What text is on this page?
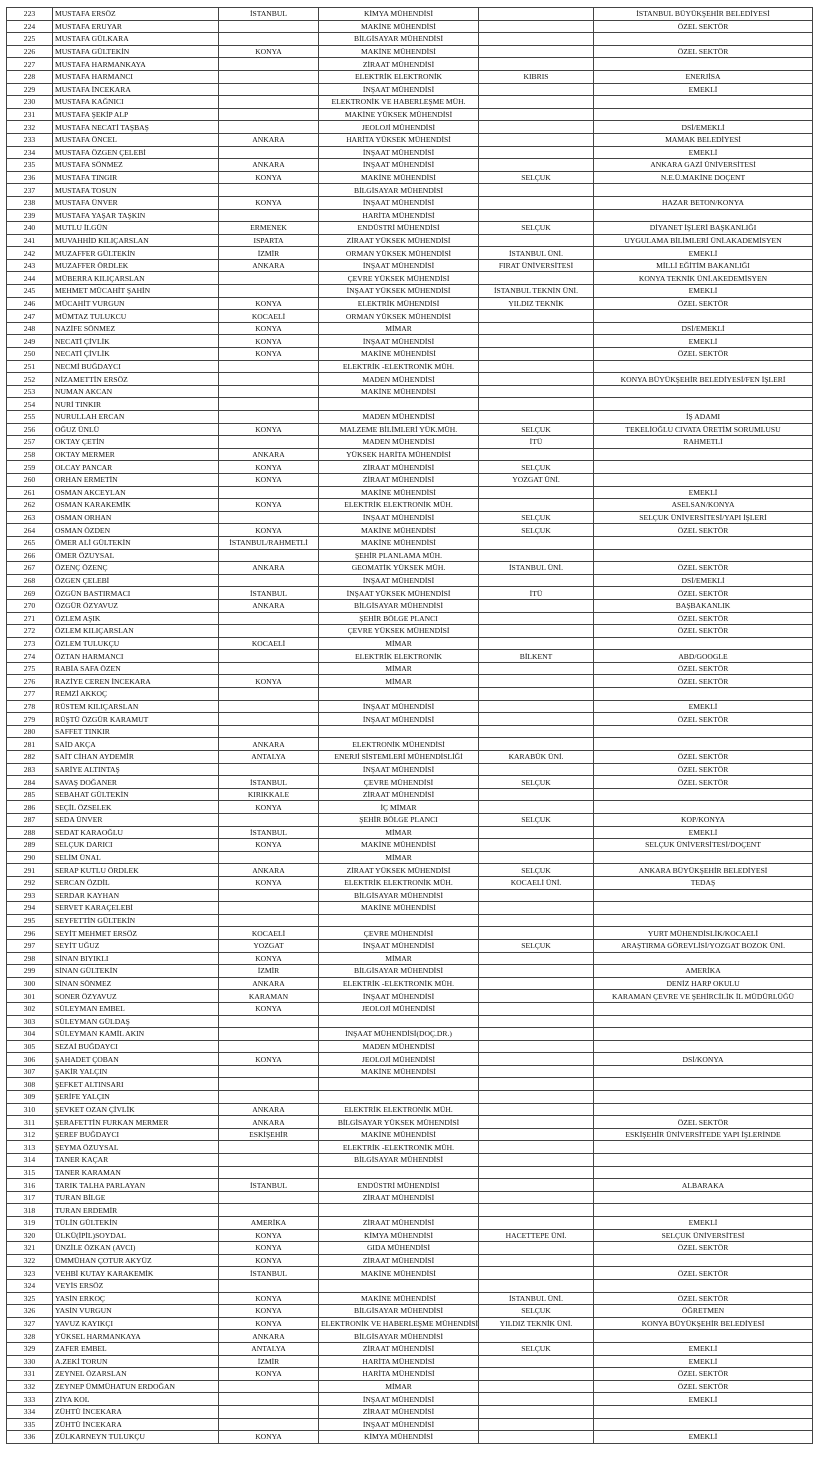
223	MUSTAFA ERSÖZ	İSTANBUL	KİMYA MÜHENDİSİ		İSTANBUL BÜYÜKŞEHİR BELEDİYESİ
224	MUSTAFA ERUYAR		MAKİNE MÜHENDİSİ		ÖZEL SEKTÖR
225	MUSTAFA GÜLKARA		BİLGİSAYAR MÜHENDİSİ		
226	MUSTAFA GÜLTEKİN	KONYA	MAKİNE MÜHENDİSİ		ÖZEL SEKTÖR
227	MUSTAFA HARMANKAYA		ZİRAAT MÜHENDİSİ		
228	MUSTAFA HARMANCI		ELEKTRİK ELEKTRONİK	KIBRIS	ENERJİSA
229	MUSTAFA İNCEKARA		İNŞAAT MÜHENDİSİ		EMEKLİ
230	MUSTAFA KAĞNICI		ELEKTRONİK VE HABERLEŞME MÜH.		
231	MUSTAFA ŞEKİP ALP		MAKİNE YÜKSEK MÜHENDİSİ		
232	MUSTAFA NECATİ TAŞBAŞ		JEOLOJİ MÜHENDİSİ		DSİ/EMEKLİ
233	MUSTAFA ÖNCEL	ANKARA	HARİTA YÜKSEK MÜHENDİSİ		MAMAK BELEDİYESİ
234	MUSTAFA ÖZGEN ÇELEBİ		İNŞAAT MÜHENDİSİ		EMEKLİ
235	MUSTAFA SÖNMEZ	ANKARA	İNŞAAT MÜHENDİSİ		ANKARA GAZİ ÜNİVERSİTESİ
236	MUSTAFA TINGIR	KONYA	MAKİNE MÜHENDİSİ	SELÇUK	N.E.Ü.MAKİNE DOÇENT
237	MUSTAFA TOSUN		BİLGİSAYAR MÜHENDİSİ		
238	MUSTAFA ÜNVER	KONYA	İNŞAAT MÜHENDİSİ		HAZAR BETON/KONYA
239	MUSTAFA YAŞAR TAŞKIN		HARİTA MÜHENDİSİ		
240	MUTLU İLGÜN	ERMENEK	ENDÜSTRİ MÜHENDİSİ	SELÇUK	DİYANET İŞLERİ BAŞKANLIĞI
241	MUVAHHİD KILIÇARSLAN	ISPARTA	ZİRAAT YÜKSEK MÜHENDİSİ		UYGULAMA BİLİMLERİ ÜNİ.AKADEMİSYEN
242	MUZAFFER GÜLTEKİN	İZMİR	ORMAN YÜKSEK MÜHENDİSİ	İSTANBUL ÜNİ.	EMEKLİ
243	MUZAFFER ÖRDLEK	ANKARA	İNŞAAT MÜHENDİSİ	FIRAT ÜNİVERSİTESİ	MİLLİ EĞİTİM BAKANLIĞI
244	MÜBERRA KILIÇARSLAN		ÇEVRE YÜKSEK MÜHENDİSİ		KONYA TEKNİK ÜNİ.AKEDEMİSYEN
245	MEHMET MÜCAHİT ŞAHİN		İNŞAAT YÜKSEK MÜHENDİSİ	İSTANBUL TEKNİN ÜNİ.	EMEKLİ
246	MÜCAHİT VURGUN	KONYA	ELEKTRİK MÜHENDİSİ	YILDIZ TEKNİK	ÖZEL SEKTÖR
247	MÜMTAZ TULUKCU	KOCAELİ	ORMAN YÜKSEK MÜHENDİSİ		
248	NAZİFE SÖNMEZ	KONYA	MİMAR		DSİ/EMEKLİ
249	NECATİ ÇİVLİK	KONYA	İNŞAAT MÜHENDİSİ		EMEKLİ
250	NECATİ ÇİVLİK	KONYA	MAKİNE MÜHENDİSİ		ÖZEL SEKTÖR
251	NECMİ BUĞDAYCI		ELEKTRİK -ELEKTRONİK MÜH.		
252	NİZAMETTİN ERSÖZ		MADEN MÜHENDİSİ		KONYA BÜYÜKŞEHİR BELEDİYESİ/FEN İŞLERİ
253	NUMAN AKCAN		MAKİNE MÜHENDİSİ		
254	NURİ TINKIR				
255	NURULLAH ERCAN		MADEN MÜHENDİSİ		İŞ ADAMI
256	OĞUZ ÜNLÜ	KONYA	MALZEME BİLİMLERİ YÜK.MÜH.	SELÇUK	TEKELİOĞLU CIVATA ÜRETİM SORUMLUSU
257	OKTAY ÇETİN		MADEN MÜHENDİSİ	İTÜ	RAHMETLİ
258	OKTAY MERMER	ANKARA	YÜKSEK HARİTA MÜHENDİSİ		
259	OLCAY PANCAR	KONYA	ZİRAAT MÜHENDİSİ	SELÇUK	
260	ORHAN ERMETİN	KONYA	ZİRAAT MÜHENDİSİ	YOZGAT ÜNİ.	
261	OSMAN AKCEYLAN		MAKİNE MÜHENDİSİ		EMEKLİ
262	OSMAN KARAKEMİK	KONYA	ELEKTRİK ELEKTRONİK MÜH.		ASELSAN/KONYA
263	OSMAN ORHAN		İNŞAAT MÜHENDİSİ	SELÇUK	SELÇUK ÜNİVERSİTESİ/YAPI İŞLERİ
264	OSMAN ÖZDEN	KONYA	MAKİNE MÜHENDİSİ	SELÇUK	ÖZEL SEKTÖR
265	ÖMER ALİ GÜLTEKİN	İSTANBUL/RAHMETLİ	MAKİNE MÜHENDİSİ		
266	ÖMER ÖZUYSAL		ŞEHİR PLANLAMA MÜH.		
267	ÖZENÇ ÖZENÇ	ANKARA	GEOMATİK YÜKSEK MÜH.	İSTANBUL ÜNİ.	ÖZEL SEKTÖR
268	ÖZGEN ÇELEBİ		İNŞAAT MÜHENDİSİ		DSİ/EMEKLİ
269	ÖZGÜN BASTIRMACI	İSTANBUL	İNŞAAT YÜKSEK MÜHENDİSİ	İTÜ	ÖZEL SEKTÖR
270	ÖZGÜR ÖZYAVUZ	ANKARA	BİLGİSAYAR MÜHENDİSİ		BAŞBAKANLIK
271	ÖZLEM AŞIK		ŞEHİR BÖLGE PLANCI		ÖZEL SEKTÖR
272	ÖZLEM KILIÇARSLAN		ÇEVRE YÜKSEK MÜHENDİSİ		ÖZEL SEKTÖR
273	ÖZLEM TULUKÇU	KOCAELİ	MİMAR		
274	ÖZTAN HARMANCI		ELEKTRİK ELEKTRONİK	BİLKENT	ABD/GOOGLE
275	RABİA SAFA ÖZEN		MİMAR		ÖZEL SEKTÖR
276	RAZİYE CEREN İNCEKARA	KONYA	MİMAR		ÖZEL SEKTÖR
277	REMZİ AKKOÇ				
278	RÜSTEM KILIÇARSLAN		İNŞAAT MÜHENDİSİ		EMEKLİ
279	RÜŞTÜ ÖZGÜR KARAMUT		İNŞAAT MÜHENDİSİ		ÖZEL SEKTÖR
280	SAFFET TINKIR				
281	SAİD AKÇA	ANKARA	ELEKTRONİK MÜHENDİSİ		
282	SAİT CİHAN AYDEMİR	ANTALYA	ENERJİ SİSTEMLERİ MÜHENDİSLİĞİ	KARABÜK ÜNİ.	ÖZEL SEKTÖR
283	SARİYE ALTINTAŞ		İNŞAAT MÜHENDİSİ		ÖZEL SEKTÖR
284	SAVAŞ DOĞANER	İSTANBUL	ÇEVRE MÜHENDİSİ	SELÇUK	ÖZEL SEKTÖR
285	SEBAHAT GÜLTEKİN	KIRIKKALE	ZİRAAT MÜHENDİSİ		
286	SEÇİL ÖZSELEK	KONYA	İÇ MİMAR		
287	SEDA ÜNVER		ŞEHİR BÖLGE PLANCI	SELÇUK	KOP/KONYA
288	SEDAT KARAOĞLU	İSTANBUL	MİMAR		EMEKLİ
289	SELÇUK DARICI	KONYA	MAKİNE MÜHENDİSİ		SELÇUK ÜNİVERSİTESİ/DOÇENT
290	SELİM ÜNAL		MİMAR		
291	SERAP KUTLU ÖRDLEK	ANKARA	ZİRAAT YÜKSEK MÜHENDİSİ	SELÇUK	ANKARA BÜYÜKŞEHİR BELEDİYESİ
292	SERCAN ÖZDİL	KONYA	ELEKTRİK ELEKTRONİK MÜH.	KOCAELİ ÜNİ.	TEDAŞ
293	SERDAR KAYHAN		BİLGİSAYAR MÜHENDİSİ		
294	SERVET KARAÇELEBİ		MAKİNE MÜHENDİSİ		
295	SEYFETTİN GÜLTEKİN				
296	SEYİT MEHMET ERSÖZ	KOCAELİ	ÇEVRE MÜHENDİSİ		YURT MÜHENDİSLİK/KOCAELİ
297	SEYİT UĞUZ	YOZGAT	İNŞAAT MÜHENDİSİ	SELÇUK	ARAŞTIRMA GÖREVLİSİ/YOZGAT BOZOK ÜNİ.
298	SİNAN BIYIKLI	KONYA	MİMAR		
299	SİNAN GÜLTEKİN	İZMİR	BİLGİSAYAR MÜHENDİSİ		AMERİKA
300	SİNAN SÖNMEZ	ANKARA	ELEKTRİK -ELEKTRONİK MÜH.		DENİZ HARP OKULU
301	SONER ÖZYAVUZ	KARAMAN	İNŞAAT MÜHENDİSİ		KARAMAN ÇEVRE VE ŞEHİRCİLİK İL MÜDÜRLÜĞÜ
302	SÜLEYMAN EMBEL	KONYA	JEOLOJİ MÜHENDİSİ		
303	SÜLEYMAN GÜLDAŞ				
304	SÜLEYMAN KAMİL AKIN		İNŞAAT MÜHENDİSİ(DOÇ.DR.)		
305	SEZAİ BUĞDAYCI		MADEN MÜHENDİSİ		
306	ŞAHADET ÇOBAN	KONYA	JEOLOJİ MÜHENDİSİ		DSİ/KONYA
307	ŞAKİR YALÇIN		MAKİNE MÜHENDİSİ		
308	ŞEFKET ALTINSARI				
309	ŞERİFE YALÇIN				
310	ŞEVKET OZAN ÇİVLİK	ANKARA	ELEKTRİK ELEKTRONİK MÜH.		
311	ŞERAFETTİN FURKAN MERMER	ANKARA	BİLGİSAYAR YÜKSEK MÜHENDİSİ		ÖZEL SEKTÖR
312	ŞEREF BUĞDAYCI	ESKİŞEHİR	MAKİNE MÜHENDİSİ		ESKİŞEHİR ÜNİVERSİTEDE YAPI İŞLERİNDE
313	ŞEYMA ÖZUYSAL		ELEKTRİK -ELEKTRONİK MÜH.		
314	TANER KAÇAR		BİLGİSAYAR MÜHENDİSİ		
315	TANER KARAMAN				
316	TARIK TALHA PARLAYAN	İSTANBUL	ENDÜSTRİ MÜHENDİSİ		ALBARAKA
317	TURAN BİLGE		ZİRAAT MÜHENDİSİ		
318	TURAN ERDEMİR				
319	TÜLİN GÜLTEKİN	AMERİKA	ZİRAAT MÜHENDİSİ		EMEKLİ
320	ÜLKÜ(İPİL)SOYDAL	KONYA	KİMYA MÜHENDİSİ	HACETTEPE ÜNİ.	SELÇUK ÜNİVERSİTESİ
321	ÜNZİLE ÖZKAN (AVCI)	KONYA	GIDA MÜHENDİSİ		ÖZEL SEKTÖR
322	ÜMMÜHAN ÇOTUR AKYÜZ	KONYA	ZİRAAT MÜHENDİSİ		
323	VEHBİ KUTAY KARAKEMİK	İSTANBUL	MAKİNE MÜHENDİSİ		ÖZEL SEKTÖR
324	VEYİS ERSÖZ				
325	YASİN ERKOÇ	KONYA	MAKİNE MÜHENDİSİ	İSTANBUL ÜNİ.	ÖZEL SEKTÖR
326	YASİN VURGUN	KONYA	BİLGİSAYAR MÜHENDİSİ	SELÇUK	ÖĞRETMEN
327	YAVUZ KAYIKÇI	KONYA	ELEKTRONİK VE HABERLEŞME MÜHENDİSİ	YILDIZ TEKNİK ÜNİ.	KONYA BÜYÜKŞEHİR BELEDİYESİ
328	YÜKSEL HARMANKAYA	ANKARA	BİLGİSAYAR MÜHENDİSİ		
329	ZAFER EMBEL	ANTALYA	ZİRAAT MÜHENDİSİ	SELÇUK	EMEKLİ
330	A.ZEKİ TORUN	İZMİR	HARİTA MÜHENDİSİ		EMEKLİ
331	ZEYNEL ÖZARSLAN	KONYA	HARİTA MÜHENDİSİ		ÖZEL SEKTÖR
332	ZEYNEP ÜMMÜHATUN ERDOĞAN		MİMAR		ÖZEL SEKTÖR
333	ZİYA KOL		İNŞAAT MÜHENDİSİ		EMEKLİ
334	ZÜHTÜ İNCEKARA		ZİRAAT MÜHENDİSİ		
335	ZÜHTÜ İNCEKARA		İNŞAAT MÜHENDİSİ		
336	ZÜLKARNEYN TULUKÇU	KONYA	KİMYA MÜHENDİSİ		EMEKLİ
